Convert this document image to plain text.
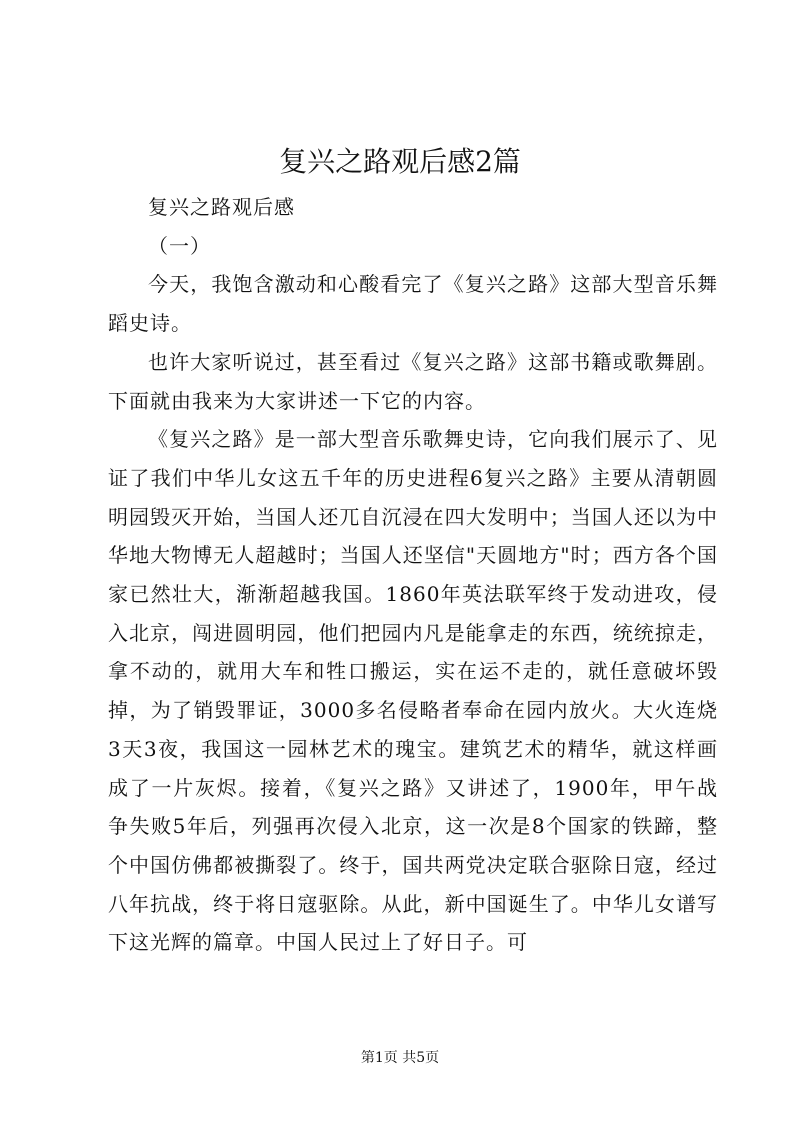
复兴之路观后感2篇

复兴之路观后感

（一）

今天，我饱含激动和心酸看完了《复兴之路》这部大型音乐舞蹈史诗。

也许大家听说过，甚至看过《复兴之路》这部书籍或歌舞剧。下面就由我来为大家讲述一下它的内容。

《复兴之路》是一部大型音乐歌舞史诗，它向我们展示了、见证了我们中华儿女这五千年的历史进程6复兴之路》主要从清朝圆明园毁灭开始，当国人还兀自沉浸在四大发明中；当国人还以为中华地大物博无人超越时；当国人还坚信"天圆地方"时；西方各个国家已然壮大，渐渐超越我国。1860年英法联军终于发动进攻，侵入北京，闯进圆明园，他们把园内凡是能拿走的东西，统统掠走，拿不动的，就用大车和牲口搬运，实在运不走的，就任意破坏毁掉，为了销毁罪证，3000多名侵略者奉命在园内放火。大火连烧3天3夜，我国这一园林艺术的瑰宝。建筑艺术的精华，就这样画成了一片灰烬。接着，《复兴之路》又讲述了，1900年，甲午战争失败5年后，列强再次侵入北京，这一次是8个国家的铁蹄，整个中国仿佛都被撕裂了。终于，国共两党决定联合驱除日寇，经过八年抗战，终于将日寇驱除。从此，新中国诞生了。中华儿女谱写下这光辉的篇章。中国人民过上了好日子。可

第1页 共5页
